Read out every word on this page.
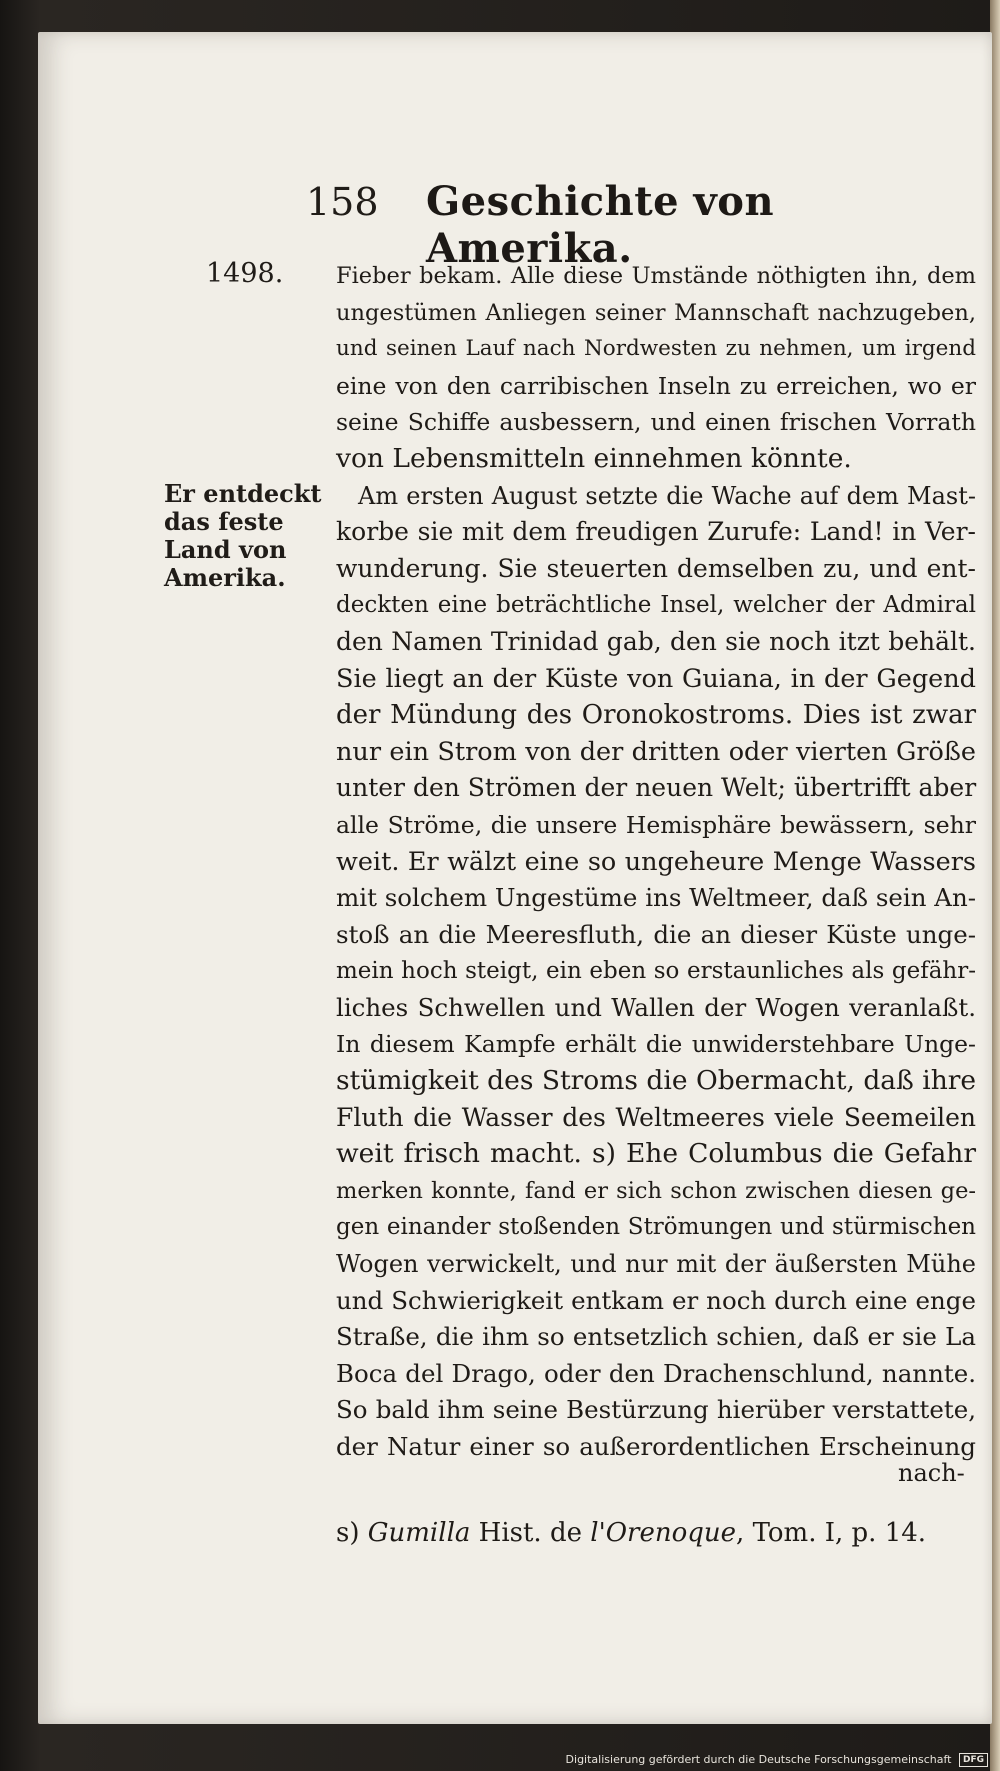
158 Geschichte von Amerika.
1498.
Er entdeckt
das feste
Land von
Amerika.
Fieber bekam. Alle diese Umstände nöthigten ihn, dem
ungestümen Anliegen seiner Mannschaft nachzugeben,
und seinen Lauf nach Nordwesten zu nehmen, um irgend
eine von den carribischen Inseln zu erreichen, wo er
seine Schiffe ausbessern, und einen frischen Vorrath
von Lebensmitteln einnehmen könnte.
Am ersten August setzte die Wache auf dem Mast-
korbe sie mit dem freudigen Zurufe: Land! in Ver-
wunderung. Sie steuerten demselben zu, und ent-
deckten eine beträchtliche Insel, welcher der Admiral
den Namen Trinidad gab, den sie noch itzt behält.
Sie liegt an der Küste von Guiana, in der Gegend
der Mündung des Oronokostroms. Dies ist zwar
nur ein Strom von der dritten oder vierten Größe
unter den Strömen der neuen Welt; übertrifft aber
alle Ströme, die unsere Hemisphäre bewässern, sehr
weit. Er wälzt eine so ungeheure Menge Wassers
mit solchem Ungestüme ins Weltmeer, daß sein An-
stoß an die Meeresfluth, die an dieser Küste unge-
mein hoch steigt, ein eben so erstaunliches als gefähr-
liches Schwellen und Wallen der Wogen veranlaßt.
In diesem Kampfe erhält die unwiderstehbare Unge-
stümigkeit des Stroms die Obermacht, daß ihre
Fluth die Wasser des Weltmeeres viele Seemeilen
weit frisch macht. s) Ehe Columbus die Gefahr
merken konnte, fand er sich schon zwischen diesen ge-
gen einander stoßenden Strömungen und stürmischen
Wogen verwickelt, und nur mit der äußersten Mühe
und Schwierigkeit entkam er noch durch eine enge
Straße, die ihm so entsetzlich schien, daß er sie La
Boca del Drago, oder den Drachenschlund, nannte.
So bald ihm seine Bestürzung hierüber verstattete,
der Natur einer so außerordentlichen Erscheinung
nach-
s) Gumilla Hist. de l'Orenoque, Tom. I, p. 14.
Digitalisierung gefördert durch die Deutsche Forschungsgemeinschaft DFG
